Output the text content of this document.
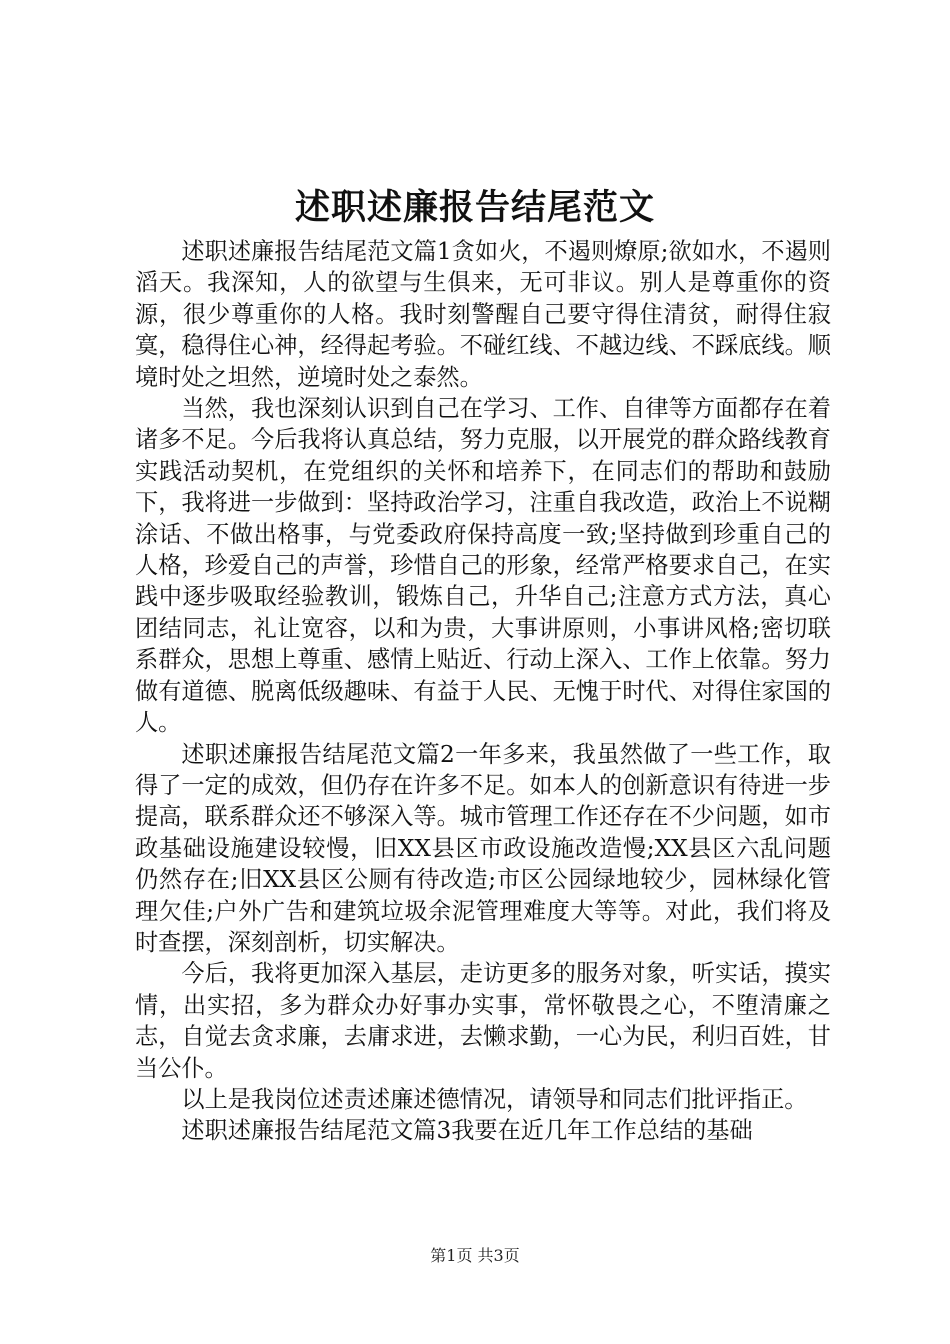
述职述廉报告结尾范文

述职述廉报告结尾范文篇1贪如火，不遏则燎原;欲如水，不遏则滔天。我深知，人的欲望与生俱来，无可非议。别人是尊重你的资源，很少尊重你的人格。我时刻警醒自己要守得住清贫，耐得住寂寞，稳得住心神，经得起考验。不碰红线、不越边线、不踩底线。顺境时处之坦然，逆境时处之泰然。

当然，我也深刻认识到自己在学习、工作、自律等方面都存在着诸多不足。今后我将认真总结，努力克服，以开展党的群众路线教育实践活动契机，在党组织的关怀和培养下，在同志们的帮助和鼓励下，我将进一步做到：坚持政治学习，注重自我改造，政治上不说糊涂话、不做出格事，与党委政府保持高度一致;坚持做到珍重自己的人格，珍爱自己的声誉，珍惜自己的形象，经常严格要求自己，在实践中逐步吸取经验教训，锻炼自己，升华自己;注意方式方法，真心团结同志，礼让宽容，以和为贵，大事讲原则，小事讲风格;密切联系群众，思想上尊重、感情上贴近、行动上深入、工作上依靠。努力做有道德、脱离低级趣味、有益于人民、无愧于时代、对得住家国的人。

述职述廉报告结尾范文篇2一年多来，我虽然做了一些工作，取得了一定的成效，但仍存在许多不足。如本人的创新意识有待进一步提高，联系群众还不够深入等。城市管理工作还存在不少问题，如市政基础设施建设较慢，旧XX县区市政设施改造慢;XX县区六乱问题仍然存在;旧XX县区公厕有待改造;市区公园绿地较少，园林绿化管理欠佳;户外广告和建筑垃圾余泥管理难度大等等。对此，我们将及时查摆，深刻剖析，切实解决。

今后，我将更加深入基层，走访更多的服务对象，听实话，摸实情，出实招，多为群众办好事办实事，常怀敬畏之心，不堕清廉之志，自觉去贪求廉，去庸求进，去懒求勤，一心为民，利归百姓，甘当公仆。

以上是我岗位述责述廉述德情况，请领导和同志们批评指正。

述职述廉报告结尾范文篇3我要在近几年工作总结的基础

第1页 共3页
